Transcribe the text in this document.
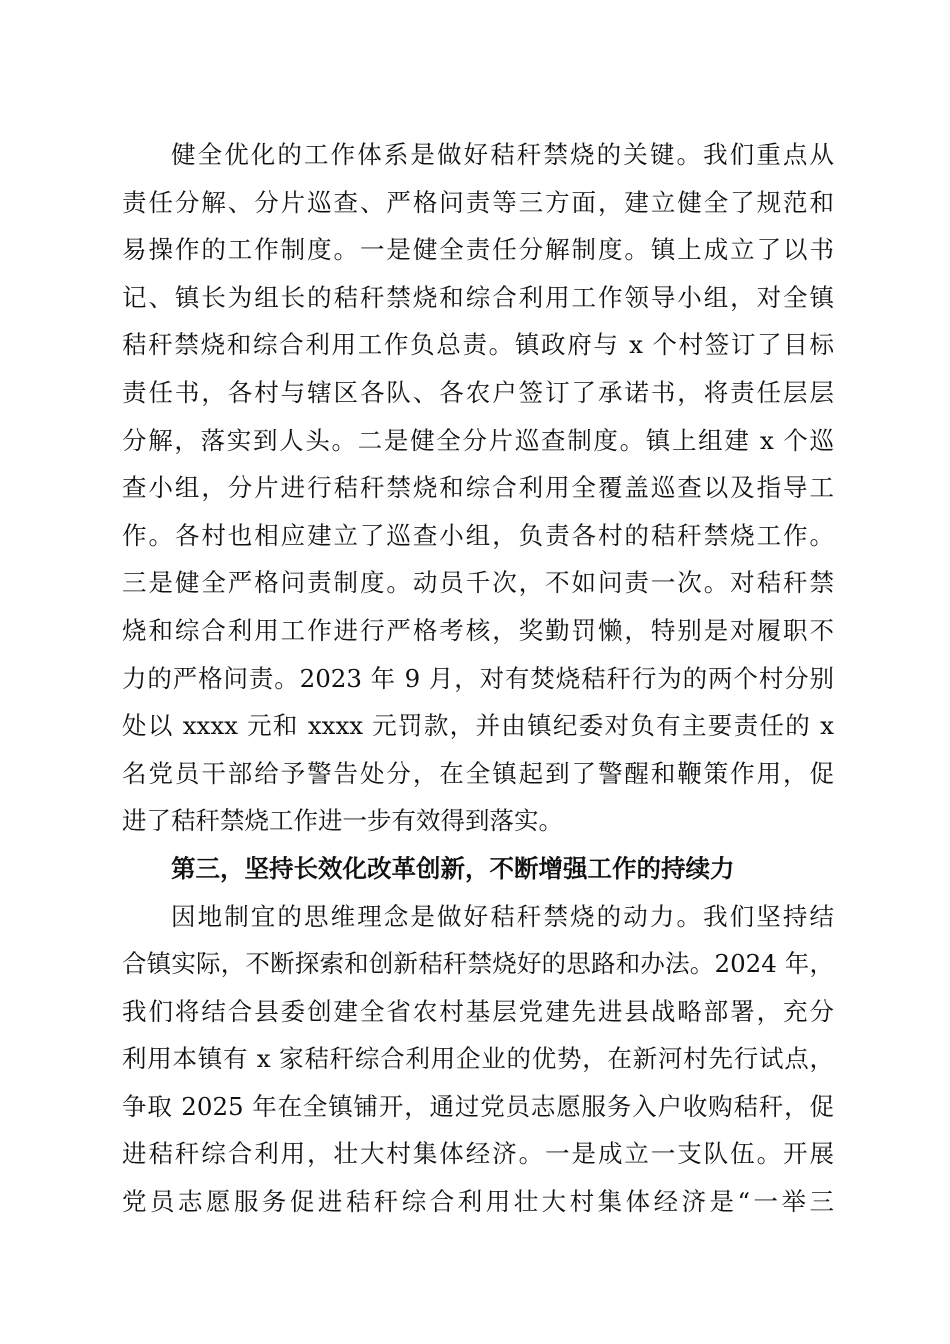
健全优化的工作体系是做好秸秆禁烧的关键。我们重点从
责任分解、分片巡查、严格问责等三方面，建立健全了规范和
易操作的工作制度。一是健全责任分解制度。镇上成立了以书
记、镇长为组长的秸秆禁烧和综合利用工作领导小组，对全镇
秸秆禁烧和综合利用工作负总责。镇政府与 x 个村签订了目标
责任书，各村与辖区各队、各农户签订了承诺书，将责任层层
分解，落实到人头。二是健全分片巡查制度。镇上组建 x 个巡
查小组，分片进行秸秆禁烧和综合利用全覆盖巡查以及指导工
作。各村也相应建立了巡查小组，负责各村的秸秆禁烧工作。
三是健全严格问责制度。动员千次，不如问责一次。对秸秆禁
烧和综合利用工作进行严格考核，奖勤罚懒，特别是对履职不
力的严格问责。2023 年 9 月，对有焚烧秸秆行为的两个村分别
处以 xxxx 元和 xxxx 元罚款，并由镇纪委对负有主要责任的 x
名党员干部给予警告处分，在全镇起到了警醒和鞭策作用，促
进了秸秆禁烧工作进一步有效得到落实。
第三，坚持长效化改革创新，不断增强工作的持续力
因地制宜的思维理念是做好秸秆禁烧的动力。我们坚持结
合镇实际，不断探索和创新秸秆禁烧好的思路和办法。2024 年，
我们将结合县委创建全省农村基层党建先进县战略部署，充分
利用本镇有 x 家秸秆综合利用企业的优势，在新河村先行试点，
争取 2025 年在全镇铺开，通过党员志愿服务入户收购秸秆，促
进秸秆综合利用，壮大村集体经济。一是成立一支队伍。开展
党员志愿服务促进秸秆综合利用壮大村集体经济是“一举三
